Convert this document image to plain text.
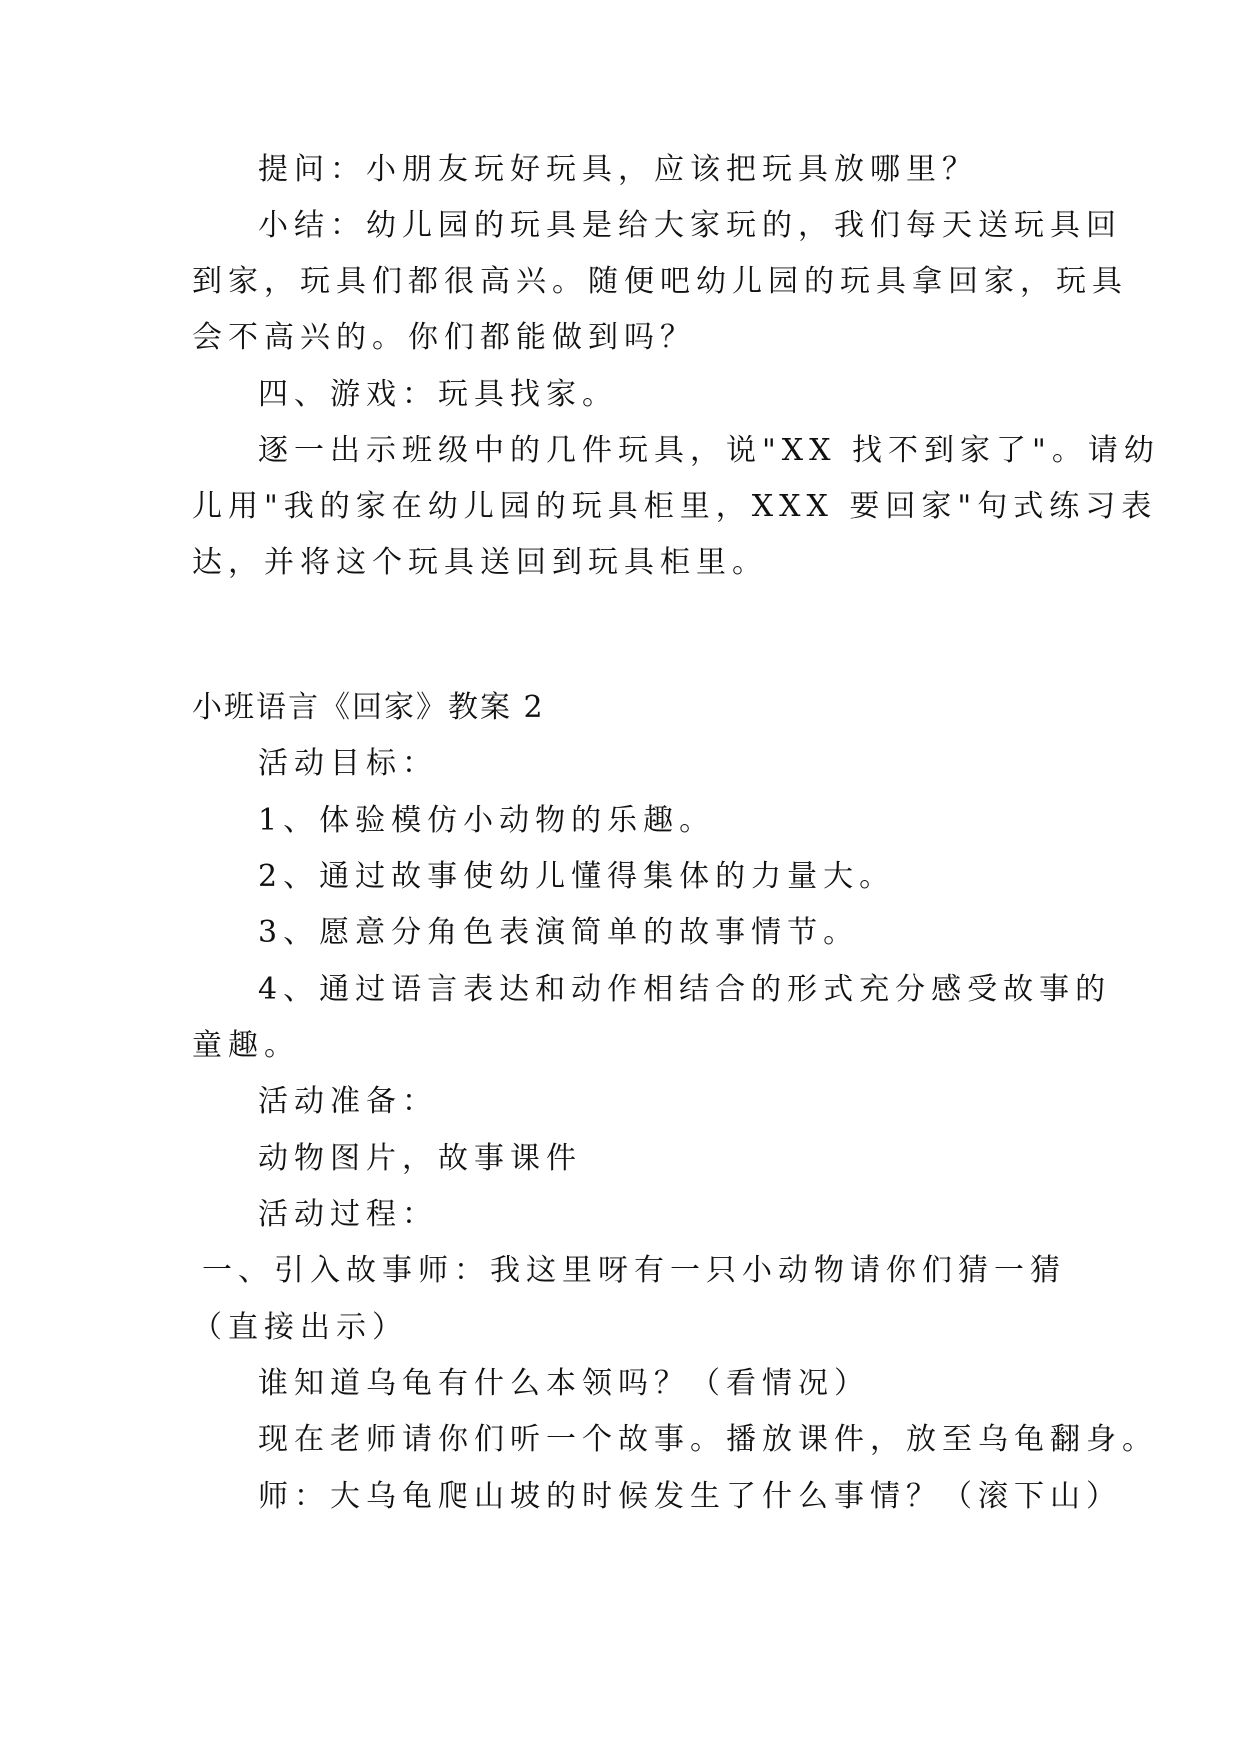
提问：小朋友玩好玩具，应该把玩具放哪里？
小结：幼儿园的玩具是给大家玩的，我们每天送玩具回
到家，玩具们都很高兴。随便吧幼儿园的玩具拿回家，玩具
会不高兴的。你们都能做到吗？
四、游戏：玩具找家。
逐一出示班级中的几件玩具，说"XX 找不到家了"。请幼
儿用"我的家在幼儿园的玩具柜里，XXX 要回家"句式练习表
达，并将这个玩具送回到玩具柜里。
小班语言《回家》教案 2
活动目标：
1、体验模仿小动物的乐趣。
2、通过故事使幼儿懂得集体的力量大。
3、愿意分角色表演简单的故事情节。
4、通过语言表达和动作相结合的形式充分感受故事的
童趣。
活动准备：
动物图片，故事课件
活动过程：
一、引入故事师：我这里呀有一只小动物请你们猜一猜
（直接出示）
谁知道乌龟有什么本领吗？（看情况）
现在老师请你们听一个故事。播放课件，放至乌龟翻身。
师：大乌龟爬山坡的时候发生了什么事情？（滚下山）
